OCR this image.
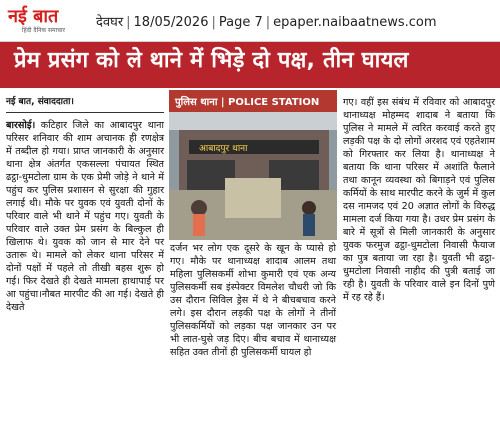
नई बात
हिंदी दैनिक समाचार
देवघर | 18/05/2026 | Page 7 | epaper.naibaatnews.com
प्रेम प्रसंग को ले थाने में भिड़े दो पक्ष, तीन घायल
नई बात, संवाददाता।
बारसोई। कटिहार जिले का आबादपुर थाना परिसर शनिवार की शाम अचानक ही रणक्षेत्र में तब्दील हो गया। प्राप्त जानकारी के अनुसार थाना क्षेत्र अंतर्गत एकसल्ला पंचायत स्थित ढट्ठा-धुमटोला ग्राम के एक प्रेमी जोड़े ने थाने में पहुंच कर पुलिस प्रशासन से सुरक्षा की गुहार लगाई थी। मौके पर युवक एवं युवती दोनों के परिवार वाले भी थाने में पहुंच गए। युवती के परिवार वाले उक्त प्रेम प्रसंग के बिल्कुल ही खिलाफ थे। युवक को जान से मार देने पर उतारू थे। मामले को लेकर थाना परिसर में दोनों पक्षों में पहले तो तीखी बहस शुरू हो गई। फिर देखते ही देखते मामला हाथापाई पर आ पहुंचा।नौबत मारपीट की आ गई। देखते ही देखते
पुलिस थाना | POLICE STATION
आबादपुर थाना
दर्जन भर लोग एक दूसरे के खून के प्यासे हो गए। मौके पर थानाध्यक्ष शादाब आलम तथा महिला पुलिसकर्मी शोभा कुमारी एवं एक अन्य पुलिसकर्मी सब इंस्पेक्टर विमलेश चौधरी जो कि उस दौरान सिविल ड्रेस में थे ने बीचबचाव करने लगे। इस दौरान लड़की पक्ष के लोगों ने तीनों पुलिसकर्मियों को लड़का पक्ष जानकार उन पर भी लात-घुसे जड़ दिए। बीच बचाव में थानाध्यक्ष सहित उक्त तीनों ही पुलिसकर्मी घायल हो
गए। वहीं इस संबंध में रविवार को आबादपुर थानाध्यक्ष मोहम्मद शादाब ने बताया कि पुलिस ने मामले में त्वरित करवाई करते हुए लड़की पक्ष के दो लोगों अरशद एवं एहतेशाम को गिरफ्तार कर लिया है। थानाध्यक्ष ने बताया कि थाना परिसर में अशांति फैलाने तथा कानून व्यवस्था को बिगाड़ने एवं पुलिस कर्मियों के साथ मारपीट करने के जुर्म में कुल दस नामजद एवं 20 अज्ञात लोगों के विरुद्ध मामला दर्ज किया गया है। उधर प्रेम प्रसंग के बारे में सूत्रों से मिली जानकारी के अनुसार युवक फरमुज ढट्ठा-धुमटोला निवासी फैयाज का पुत्र बताया जा रहा है। युवती भी ढट्ठा-धुमटोला निवासी नाहीद की पुत्री बताई जा रही है। युवती के परिवार वाले इन दिनों पुणे में रह रहे हैं।
